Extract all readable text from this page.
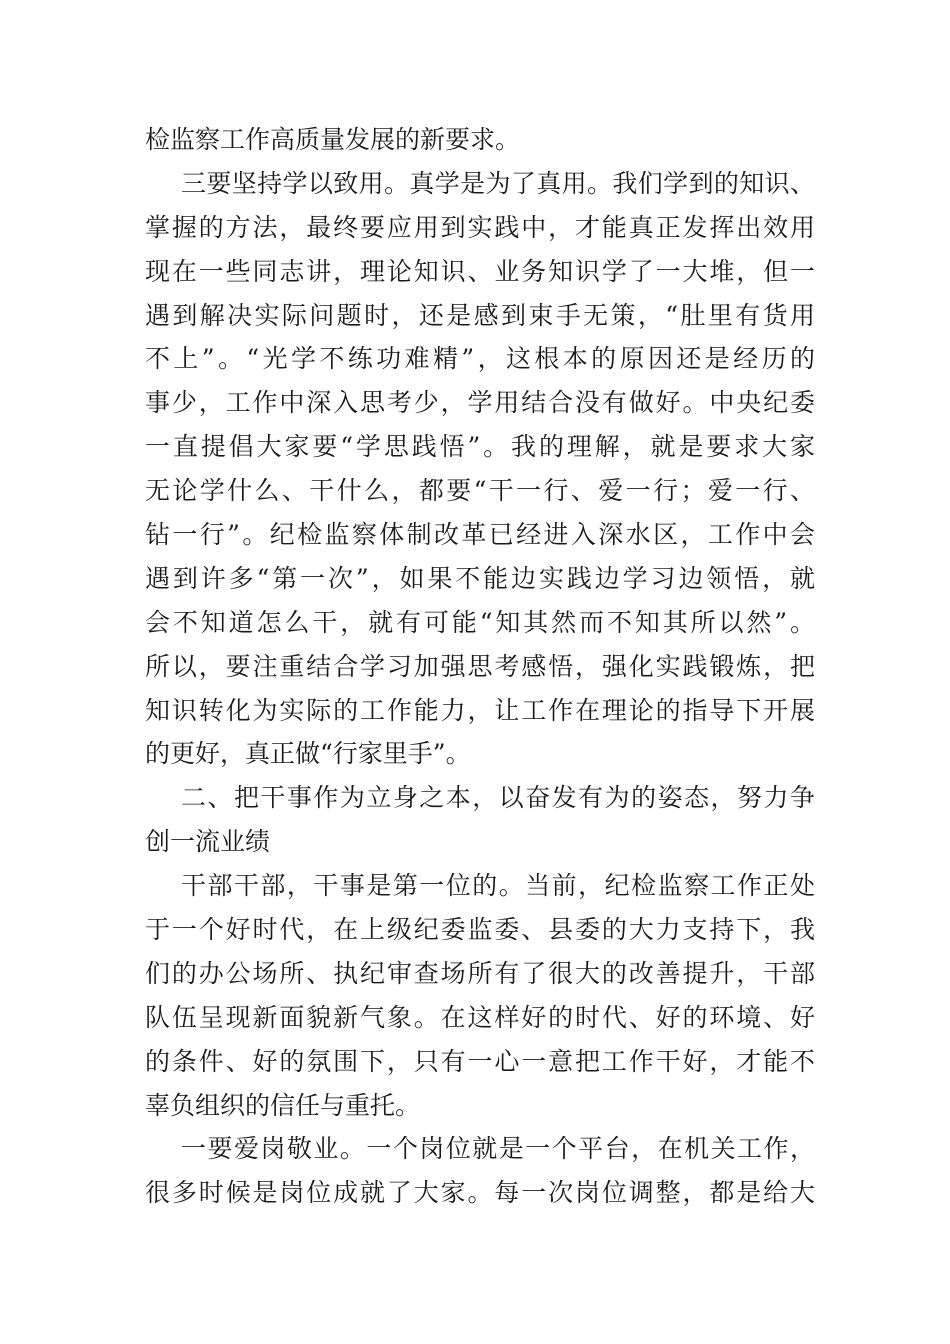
检监察工作高质量发展的新要求。
三要坚持学以致用。真学是为了真用。我们学到的知识、
掌握的方法，最终要应用到实践中，才能真正发挥出效用
现在一些同志讲，理论知识、业务知识学了一大堆，但一
遇到解决实际问题时，还是感到束手无策，“肚里有货用
不上”。“光学不练功难精”，这根本的原因还是经历的
事少，工作中深入思考少，学用结合没有做好。中央纪委
一直提倡大家要“学思践悟”。我的理解，就是要求大家
无论学什么、干什么，都要“干一行、爱一行；爱一行、
钻一行”。纪检监察体制改革已经进入深水区，工作中会
遇到许多“第一次”，如果不能边实践边学习边领悟，就
会不知道怎么干，就有可能“知其然而不知其所以然”。
所以，要注重结合学习加强思考感悟，强化实践锻炼，把
知识转化为实际的工作能力，让工作在理论的指导下开展
的更好，真正做“行家里手”。
二、把干事作为立身之本，以奋发有为的姿态，努力争
创一流业绩
干部干部，干事是第一位的。当前，纪检监察工作正处
于一个好时代，在上级纪委监委、县委的大力支持下，我
们的办公场所、执纪审查场所有了很大的改善提升，干部
队伍呈现新面貌新气象。在这样好的时代、好的环境、好
的条件、好的氛围下，只有一心一意把工作干好，才能不
辜负组织的信任与重托。
一要爱岗敬业。一个岗位就是一个平台，在机关工作，
很多时候是岗位成就了大家。每一次岗位调整，都是给大
